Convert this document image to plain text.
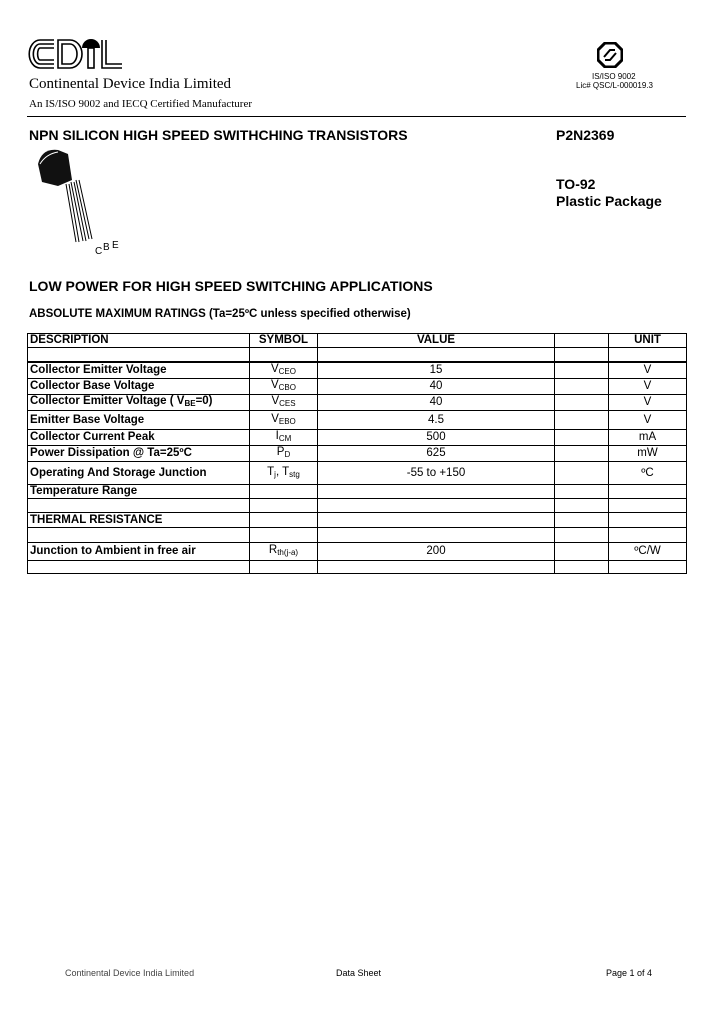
Continental Device India Limited
An IS/ISO 9002 and IECQ Certified Manufacturer
IS/ISO 9002
Lic# QSC/L-000019.3
NPN SILICON HIGH SPEED SWITHCHING TRANSISTORS	P2N2369
C B E
TO-92
Plastic Package
LOW POWER FOR HIGH SPEED SWITCHING APPLICATIONS
ABSOLUTE MAXIMUM RATINGS (Ta=25ºC unless specified otherwise)
DESCRIPTION	SYMBOL	VALUE		UNIT

Collector Emitter Voltage	$V_{CEO}$	15		V
Collector Base Voltage	$V_{CBO}$	40		V
Collector Emitter Voltage ( $V_{BE}=0$)	$V_{CES}$	40		V
Emitter Base Voltage	$V_{EBO}$	4.5		V
Collector Current Peak	$I_{CM}$	500		mA
Power Dissipation @ Ta=25ºC	$P_D$	625		mW
Operating And Storage Junction	$T_j$, $T_{stg}$	-55 to +150		ºC
Temperature Range				

THERMAL RESISTANCE				

Junction to Ambient in free air	$R_{th(j-a)}$	200		ºC/W

Continental Device India Limited	Data Sheet	Page 1 of 4
